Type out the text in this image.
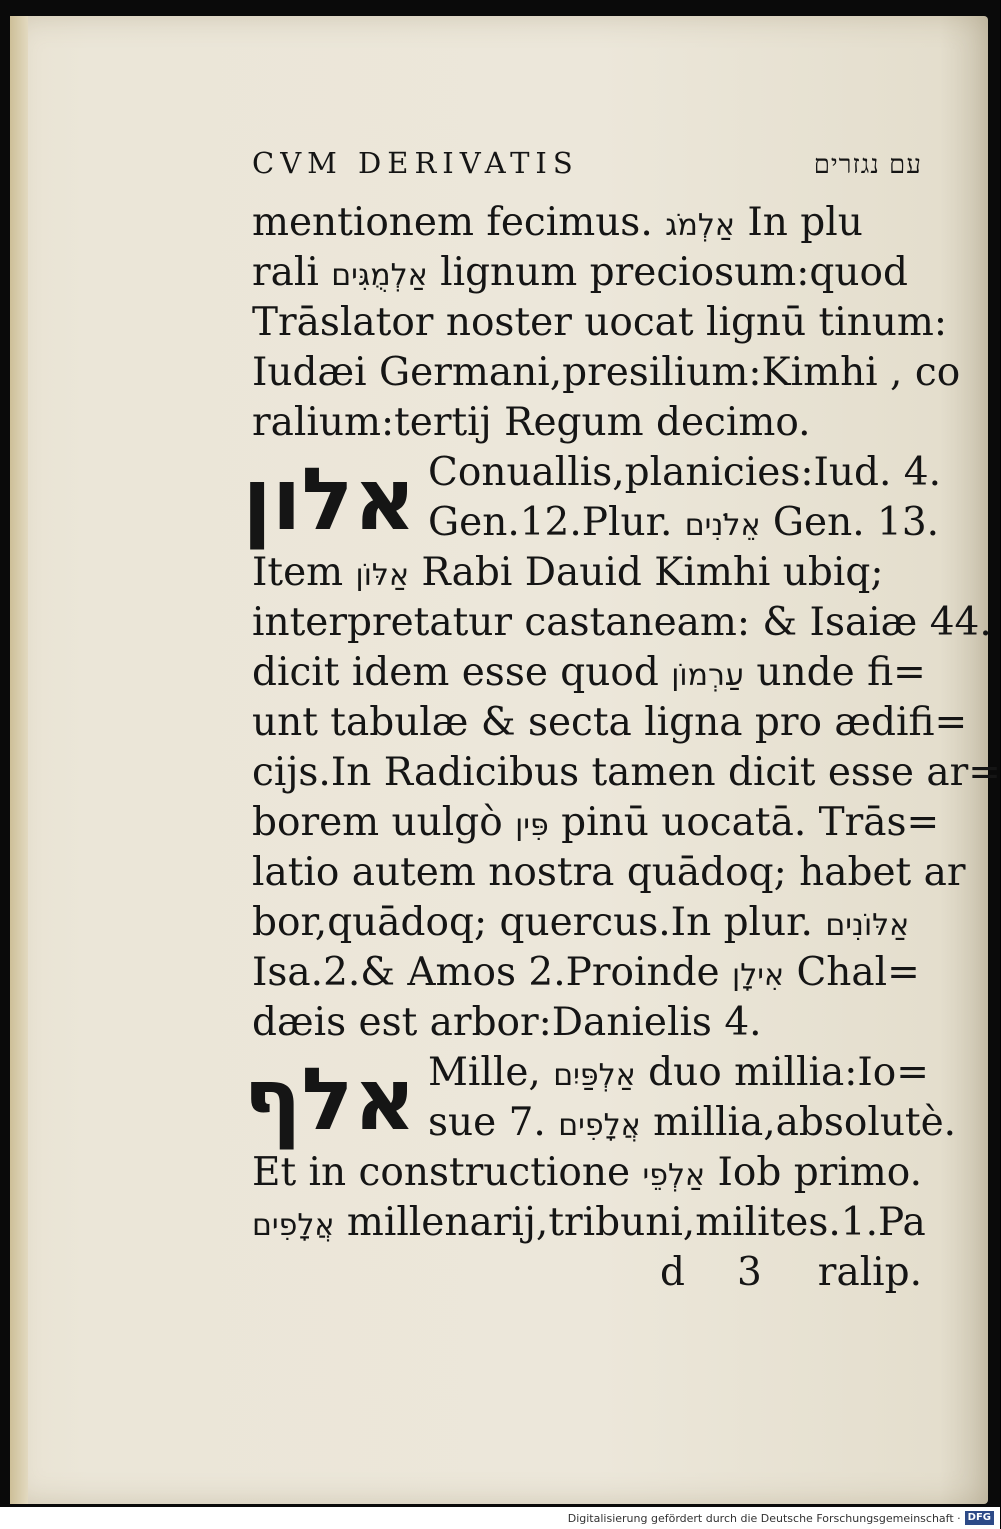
CVM DERIVATIS	עם נגזרים
mentionem fecimus. אַלְמֹג In plu
rali אַלְמֻגִּים lignum preciosum:quod
Trāslator noster uocat lignū tinum:
Iudæi Germani,presilium:Kimhi , co
ralium:tertij Regum decimo.
אלון Conuallis,planicies:Iud. 4.
Gen.12.Plur. אֵלֹנִים Gen. 13.
Item אַלּוֹן Rabi Dauid Kimhi ubiq;
interpretatur castaneam: & Isaiæ 44.
dicit idem esse quod עַרְמוֹן unde fi=
unt tabulæ & secta ligna pro ædifi=
cijs.In Radicibus tamen dicit esse ar=
borem uulgò פִּין pinū uocatā. Trās=
latio autem nostra quādoq; habet ar
bor,quādoq; quercus.In plur. אַלּוֹנִים
Isa.2.& Amos 2.Proinde אִילָן Chal=
dæis est arbor:Danielis 4.
אלף Mille, אַלְפַּיִם duo millia:Io=
sue 7. אֲלָפִים millia,absolutè.
Et in constructione אַלְפֵי Iob primo.
אֲלָפִים millenarij,tribuni,milites.1.Pa
d 3 ralip.
Digitalisierung gefördert durch die Deutsche Forschungsgemeinschaft · DFG
